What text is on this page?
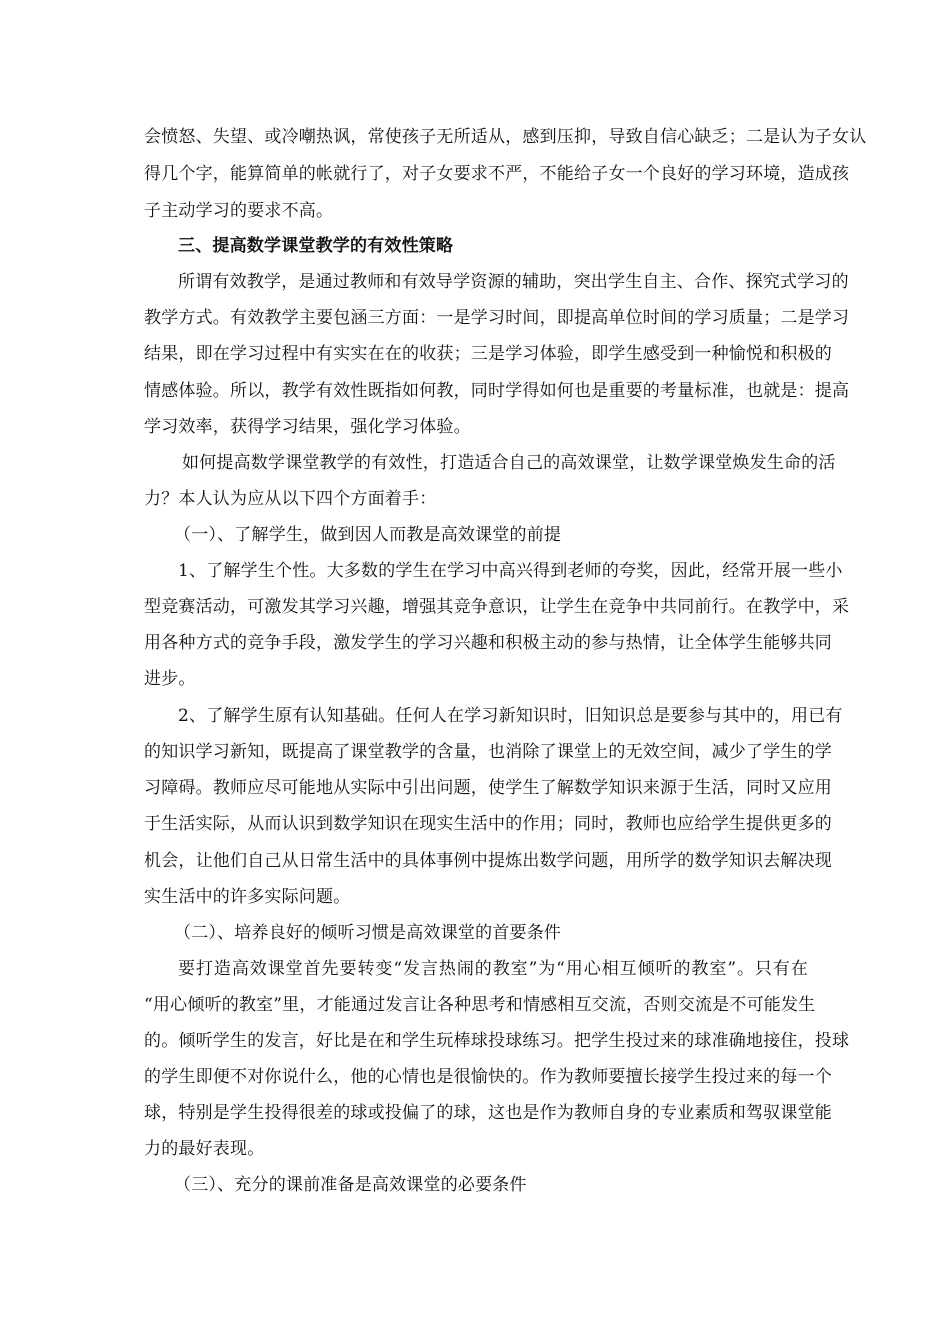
会愤怒、失望、或冷嘲热讽，常使孩子无所适从，感到压抑，导致自信心缺乏；二是认为子女认
得几个字，能算简单的帐就行了，对子女要求不严，不能给子女一个良好的学习环境，造成孩
子主动学习的要求不高。
三、提高数学课堂教学的有效性策略
所谓有效教学，是通过教师和有效导学资源的辅助，突出学生自主、合作、探究式学习的
教学方式。有效教学主要包涵三方面：一是学习时间，即提高单位时间的学习质量；二是学习
结果，即在学习过程中有实实在在的收获；三是学习体验，即学生感受到一种愉悦和积极的
情感体验。所以，教学有效性既指如何教，同时学得如何也是重要的考量标准，也就是：提高
学习效率，获得学习结果，强化学习体验。
如何提高数学课堂教学的有效性，打造适合自己的高效课堂，让数学课堂焕发生命的活
力？本人认为应从以下四个方面着手：
（一）、了解学生，做到因人而教是高效课堂的前提
1、了解学生个性。大多数的学生在学习中高兴得到老师的夸奖，因此，经常开展一些小
型竞赛活动，可激发其学习兴趣，增强其竞争意识，让学生在竞争中共同前行。在教学中，采
用各种方式的竞争手段，激发学生的学习兴趣和积极主动的参与热情，让全体学生能够共同
进步。
2、了解学生原有认知基础。任何人在学习新知识时，旧知识总是要参与其中的，用已有
的知识学习新知，既提高了课堂教学的含量，也消除了课堂上的无效空间，减少了学生的学
习障碍。教师应尽可能地从实际中引出问题，使学生了解数学知识来源于生活，同时又应用
于生活实际，从而认识到数学知识在现实生活中的作用；同时，教师也应给学生提供更多的
机会，让他们自己从日常生活中的具体事例中提炼出数学问题，用所学的数学知识去解决现
实生活中的许多实际问题。
（二）、培养良好的倾听习惯是高效课堂的首要条件
要打造高效课堂首先要转变“发言热闹的教室”为“用心相互倾听的教室”。只有在
“用心倾听的教室”里，才能通过发言让各种思考和情感相互交流，否则交流是不可能发生
的。倾听学生的发言，好比是在和学生玩棒球投球练习。把学生投过来的球准确地接住，投球
的学生即便不对你说什么，他的心情也是很愉快的。作为教师要擅长接学生投过来的每一个
球，特别是学生投得很差的球或投偏了的球，这也是作为教师自身的专业素质和驾驭课堂能
力的最好表现。
（三）、充分的课前准备是高效课堂的必要条件
